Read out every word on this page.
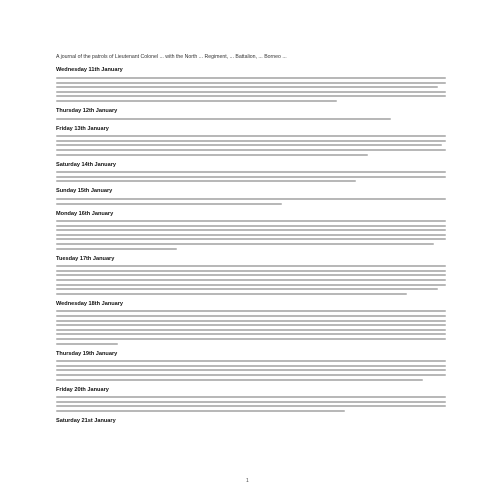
A journal of the patrols of Lieutenant Colonel ... with the North ... Regiment, ... Battalion, ... Borneo ...

Wednesday 11th January

Thursday 12th January

Friday 13th January

Saturday 14th January

Sunday 15th January

Monday 16th January

Tuesday 17th January

Wednesday 18th January

Thursday 19th January

Friday 20th January

Saturday 21st January

1
